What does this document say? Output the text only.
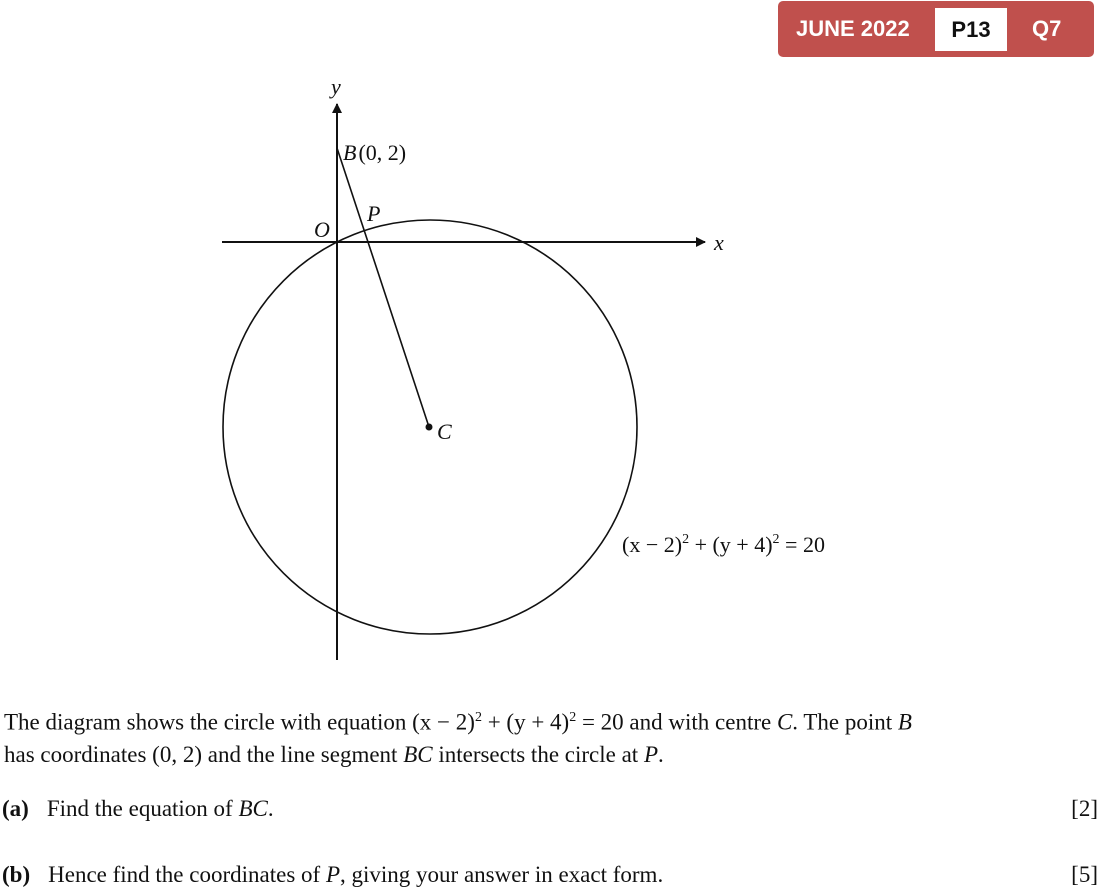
JUNE 2022	P13	Q7
y
x
O
B(0, 2)
P
C
$(x - 2)^2 + (y + 4)^2 = 20$
The diagram shows the circle with equation $(x - 2)^2 + (y + 4)^2 = 20$ and with centre C. The point B
has coordinates (0, 2) and the line segment BC intersects the circle at P.
(a) Find the equation of BC.	[2]
(b) Hence find the coordinates of P, giving your answer in exact form.	[5]
